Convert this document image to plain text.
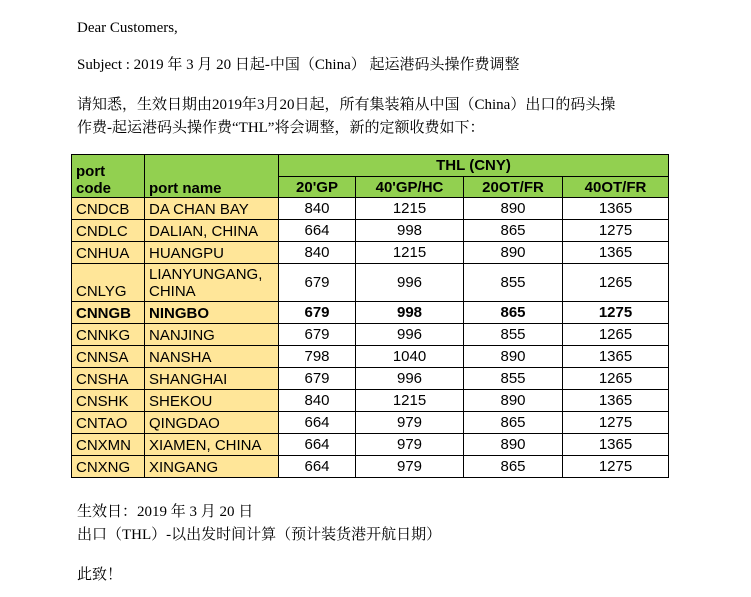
Dear Customers,
Subject : 2019 年 3 月 20 日起-中国（China） 起运港码头操作费调整
请知悉，生效日期由2019年3月20日起，所有集装箱从中国（China）出口的码头操
作费-起运港码头操作费“THL”将会调整，新的定额收费如下：
port code	port name	THL (CNY)			
		20'GP	40'GP/HC	20OT/FR	40OT/FR
CNDCB	DA CHAN BAY	840	1215	890	1365
CNDLC	DALIAN, CHINA	664	998	865	1275
CNHUA	HUANGPU	840	1215	890	1365
CNLYG	LIANYUNGANG, CHINA	679	996	855	1265
CNNGB	NINGBO	679	998	865	1275
CNNKG	NANJING	679	996	855	1265
CNNSA	NANSHA	798	1040	890	1365
CNSHA	SHANGHAI	679	996	855	1265
CNSHK	SHEKOU	840	1215	890	1365
CNTAO	QINGDAO	664	979	865	1275
CNXMN	XIAMEN, CHINA	664	979	890	1365
CNXNG	XINGANG	664	979	865	1275
生效日：2019 年 3 月 20 日
出口（THL）-以出发时间计算（预计装货港开航日期）
此致！
